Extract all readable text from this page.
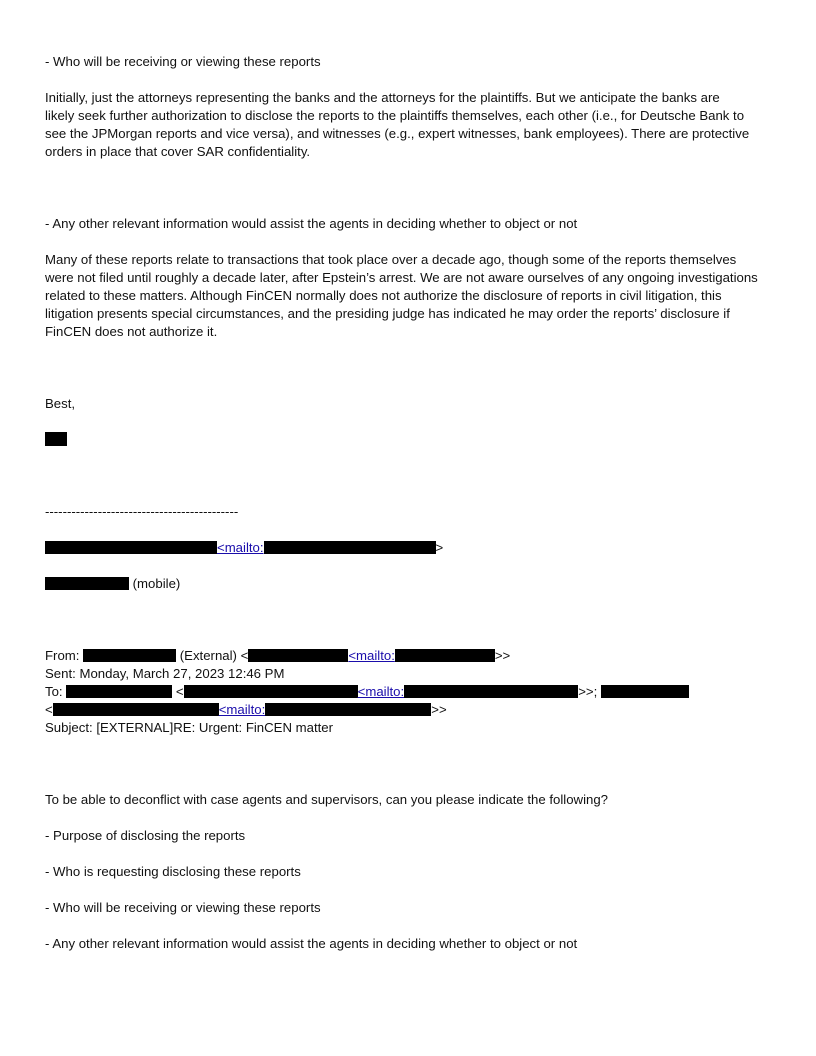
- Who will be receiving or viewing these reports
Initially, just the attorneys representing the banks and the attorneys for the plaintiffs. But we anticipate the banks are
likely seek further authorization to disclose the reports to the plaintiffs themselves, each other (i.e., for Deutsche Bank to
see the JPMorgan reports and vice versa), and witnesses (e.g., expert witnesses, bank employees). There are protective
orders in place that cover SAR confidentiality.
- Any other relevant information would assist the agents in deciding whether to object or not
Many of these reports relate to transactions that took place over a decade ago, though some of the reports themselves
were not filed until roughly a decade later, after Epstein’s arrest. We are not aware ourselves of any ongoing investigations
related to these matters. Although FinCEN normally does not authorize the disclosure of reports in civil litigation, this
litigation presents special circumstances, and the presiding judge has indicated he may order the reports’ disclosure if
FinCEN does not authorize it.
Best,
--------------------------------------------
<mailto:	>
(mobile)
From:	(External) <	<mailto:	>>
Sent: Monday, March 27, 2023 12:46 PM
To:	<	<mailto:	>>;
<	<mailto:	>>
Subject: [EXTERNAL]RE: Urgent: FinCEN matter
To be able to deconflict with case agents and supervisors, can you please indicate the following?
- Purpose of disclosing the reports
- Who is requesting disclosing these reports
- Who will be receiving or viewing these reports
- Any other relevant information would assist the agents in deciding whether to object or not
